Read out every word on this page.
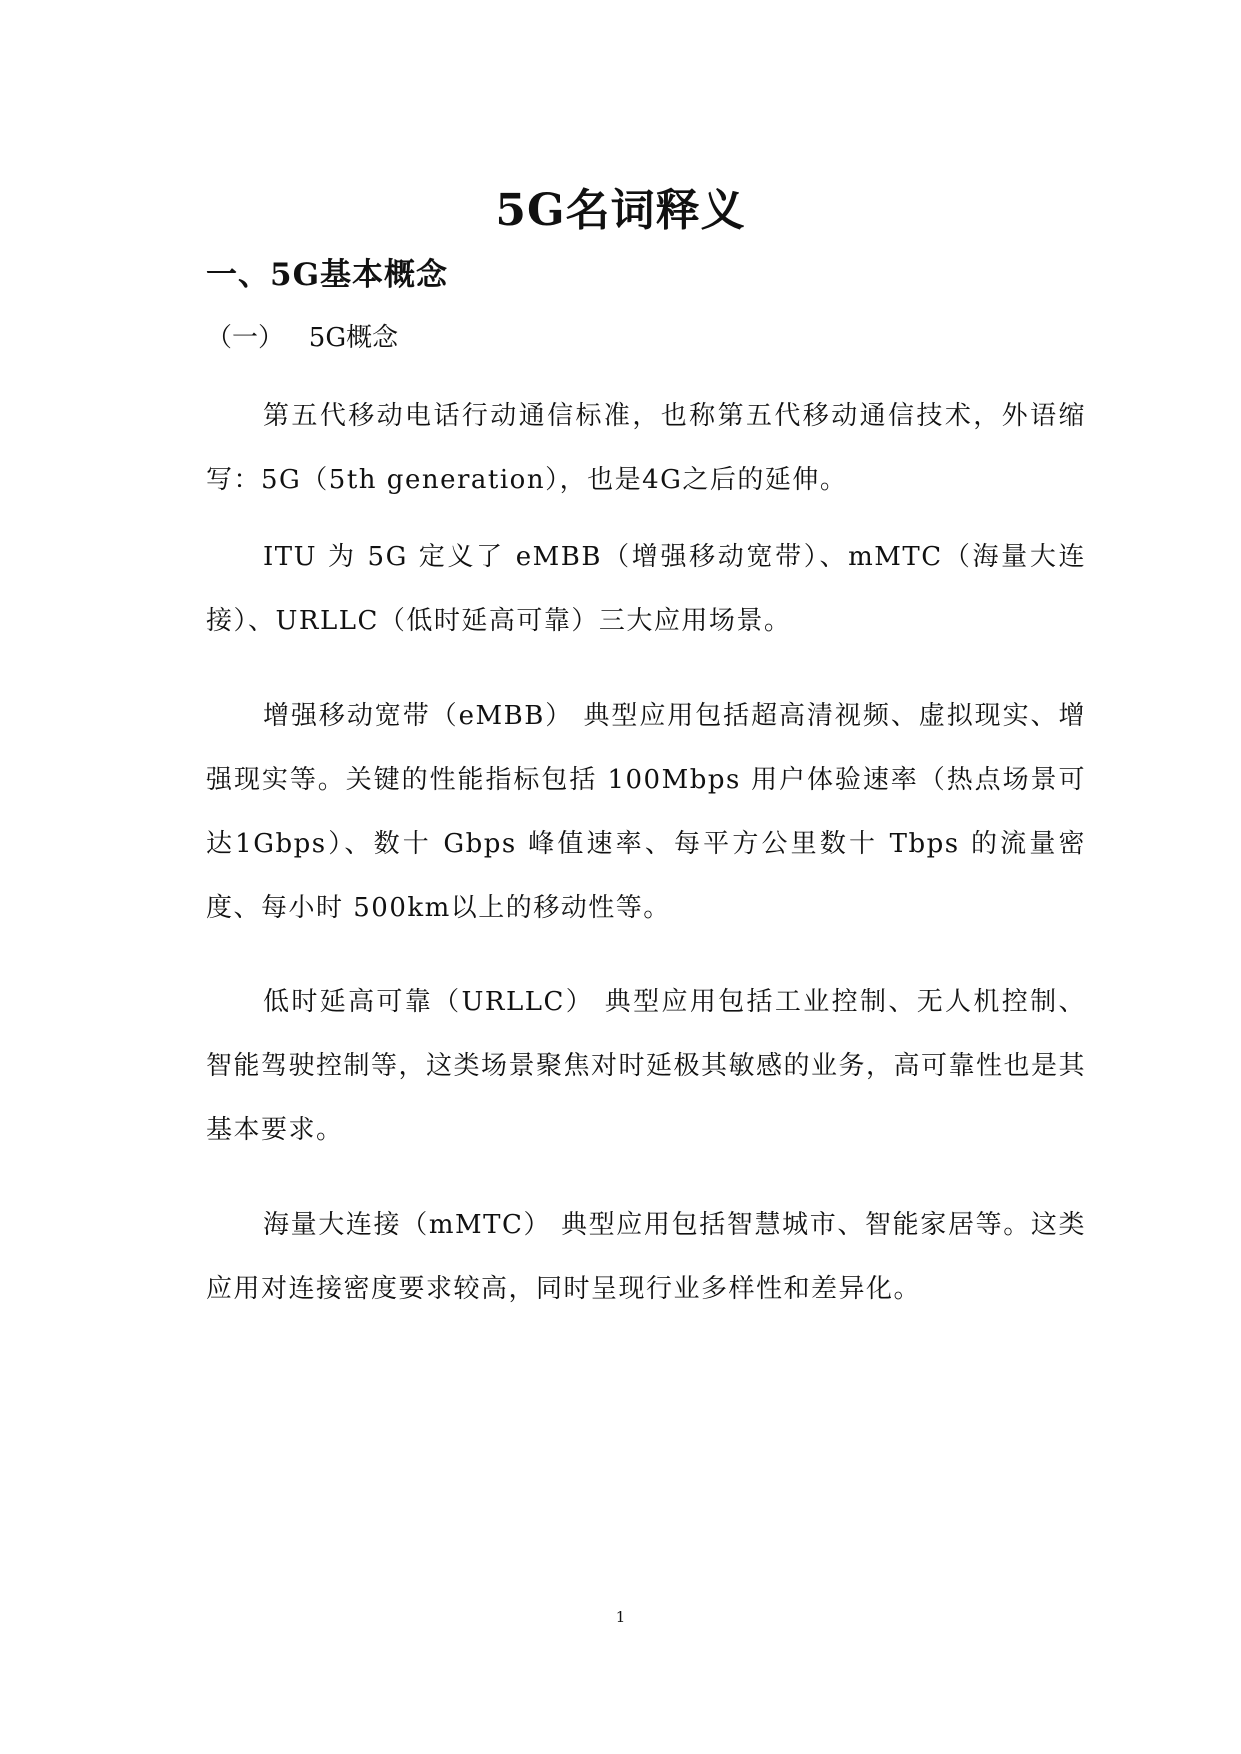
5G名词释义
一、5G基本概念
（一）   5G概念

第五代移动电话行动通信标准，也称第五代移动通信技术，外语缩写：5G（5th generation），也是4G之后的延伸。

ITU 为 5G 定义了 eMBB（增强移动宽带）、mMTC（海量大连接）、URLLC（低时延高可靠）三大应用场景。

增强移动宽带（eMBB） 典型应用包括超高清视频、虚拟现实、增强现实等。关键的性能指标包括 100Mbps 用户体验速率（热点场景可达1Gbps）、数十 Gbps 峰值速率、每平方公里数十 Tbps 的流量密度、每小时 500km以上的移动性等。

低时延高可靠（URLLC） 典型应用包括工业控制、无人机控制、智能驾驶控制等，这类场景聚焦对时延极其敏感的业务，高可靠性也是其基本要求。

海量大连接（mMTC） 典型应用包括智慧城市、智能家居等。这类应用对连接密度要求较高，同时呈现行业多样性和差异化。

1
